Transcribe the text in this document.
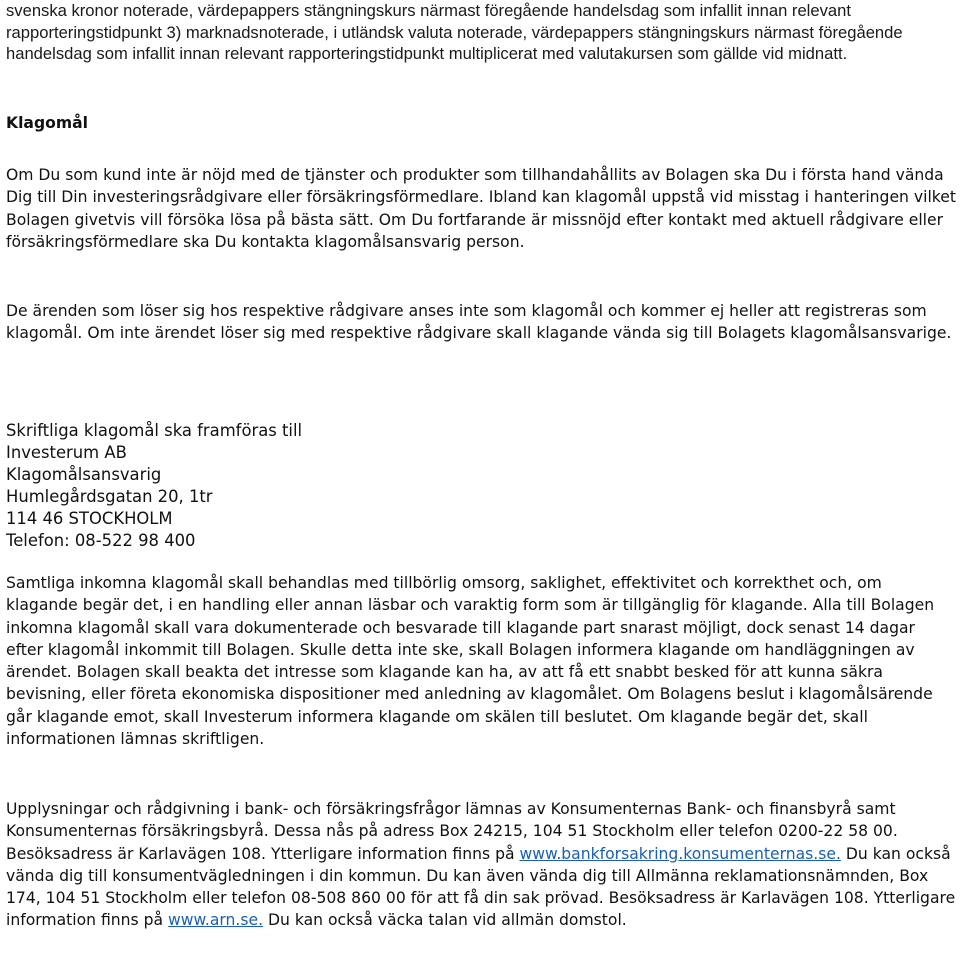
svenska kronor noterade, värdepappers stängningskurs närmast föregående handelsdag som infallit innan relevant rapporteringstidpunkt 3) marknadsnoterade, i utländsk valuta noterade, värdepappers stängningskurs närmast föregående handelsdag som infallit innan relevant rapporteringstidpunkt multiplicerat med valutakursen som gällde vid midnatt.

Klagomål

Om Du som kund inte är nöjd med de tjänster och produkter som tillhandahållits av Bolagen ska Du i första hand vända Dig till Din investeringsrådgivare eller försäkringsförmedlare. Ibland kan klagomål uppstå vid misstag i hanteringen vilket Bolagen givetvis vill försöka lösa på bästa sätt. Om Du fortfarande är missnöjd efter kontakt med aktuell rådgivare eller försäkringsförmedlare ska Du kontakta klagomålsansvarig person.

De ärenden som löser sig hos respektive rådgivare anses inte som klagomål och kommer ej heller att registreras som klagomål. Om inte ärendet löser sig med respektive rådgivare skall klagande vända sig till Bolagets klagomålsansvarige.

Skriftliga klagomål ska framföras till
Investerum AB
Klagomålsansvarig
Humlegårdsgatan 20, 1tr
114 46 STOCKHOLM
Telefon: 08-522 98 400

Samtliga inkomna klagomål skall behandlas med tillbörlig omsorg, saklighet, effektivitet och korrekthet och, om klagande begär det, i en handling eller annan läsbar och varaktig form som är tillgänglig för klagande. Alla till Bolagen inkomna klagomål skall vara dokumenterade och besvarade till klagande part snarast möjligt, dock senast 14 dagar efter klagomål inkommit till Bolagen. Skulle detta inte ske, skall Bolagen informera klagande om handläggningen av ärendet. Bolagen skall beakta det intresse som klagande kan ha, av att få ett snabbt besked för att kunna säkra bevisning, eller företa ekonomiska dispositioner med anledning av klagomålet. Om Bolagens beslut i klagomålsärende går klagande emot, skall Investerum informera klagande om skälen till beslutet. Om klagande begär det, skall informationen lämnas skriftligen.

Upplysningar och rådgivning i bank- och försäkringsfrågor lämnas av Konsumenternas Bank- och finansbyrå samt Konsumenternas försäkringsbyrå. Dessa nås på adress Box 24215, 104 51 Stockholm eller telefon 0200-22 58 00. Besöksadress är Karlavägen 108. Ytterligare information finns på www.bankforsakring.konsumenternas.se. Du kan också vända dig till konsumentvägledningen i din kommun. Du kan även vända dig till Allmänna reklamationsnämnden, Box 174, 104 51 Stockholm eller telefon 08-508 860 00 för att få din sak prövad. Besöksadress är Karlavägen 108. Ytterligare information finns på www.arn.se. Du kan också väcka talan vid allmän domstol.
